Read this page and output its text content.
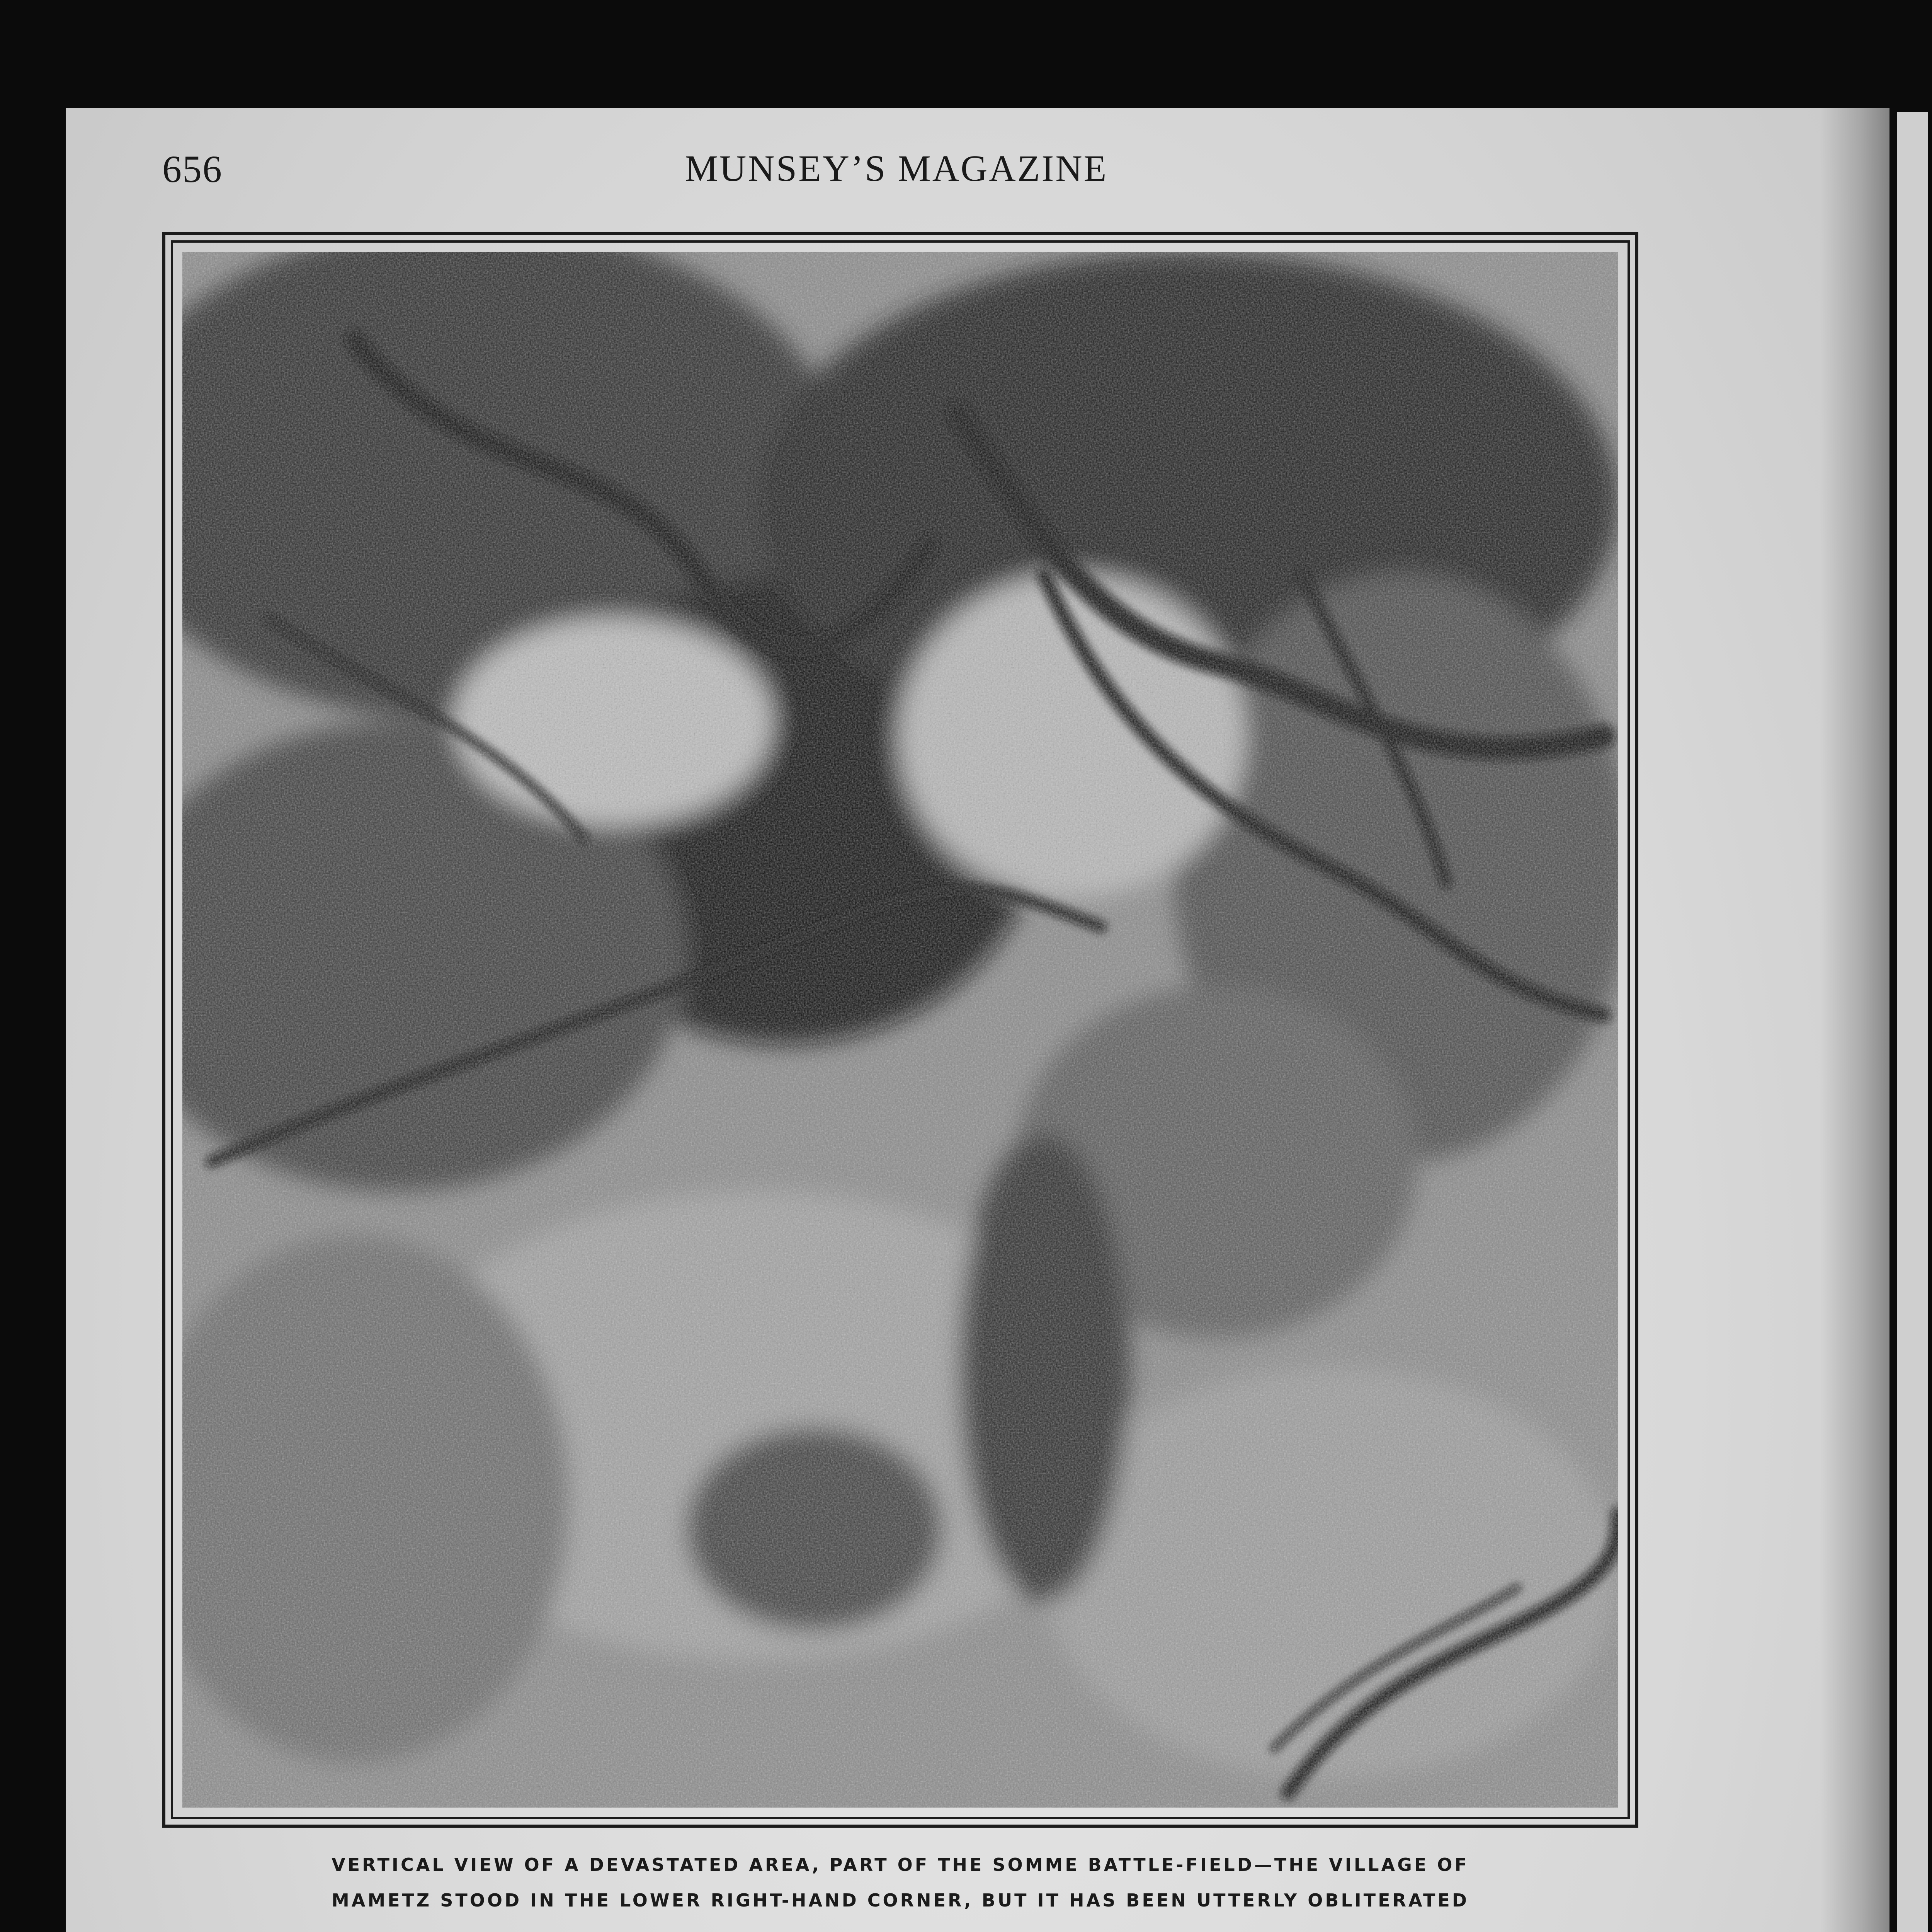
656	MUNSEY’S MAGAZINE
VERTICAL VIEW OF A DEVASTATED AREA, PART OF THE SOMME BATTLE-FIELD—THE VILLAGE OF
MAMETZ STOOD IN THE LOWER RIGHT-HAND CORNER, BUT IT HAS BEEN UTTERLY OBLITERATED
